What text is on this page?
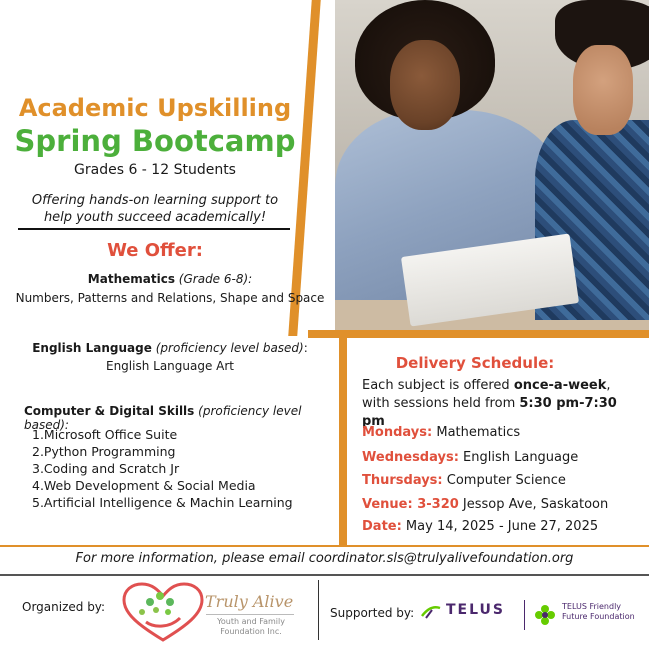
Academic Upskilling
Spring Bootcamp
Grades 6 - 12 Students
Offering hands-on learning support to help youth succeed academically!
We Offer:
Mathematics (Grade 6-8):
Numbers, Patterns and Relations, Shape and Space
English Language (proficiency level based):
English Language Art
Computer & Digital Skills (proficiency level based):
1.Microsoft Office Suite
2.Python Programming
3.Coding and Scratch Jr
4.Web Development & Social Media
5.Artificial Intelligence & Machin Learning
Delivery Schedule:
Each subject is offered once-a-week, with sessions held from 5:30 pm-7:30 pm
Mondays: Mathematics
Wednesdays: English Language
Thursdays: Computer Science
Venue: 3-320 Jessop Ave, Saskatoon
Date: May 14, 2025 - June 27, 2025
For more information, please email coordinator.sls@trulyalivefoundation.org
Organized by:	Truly Alive
Youth and Family Foundation Inc.
Supported by: TELUS	TELUS Friendly Future Foundation
